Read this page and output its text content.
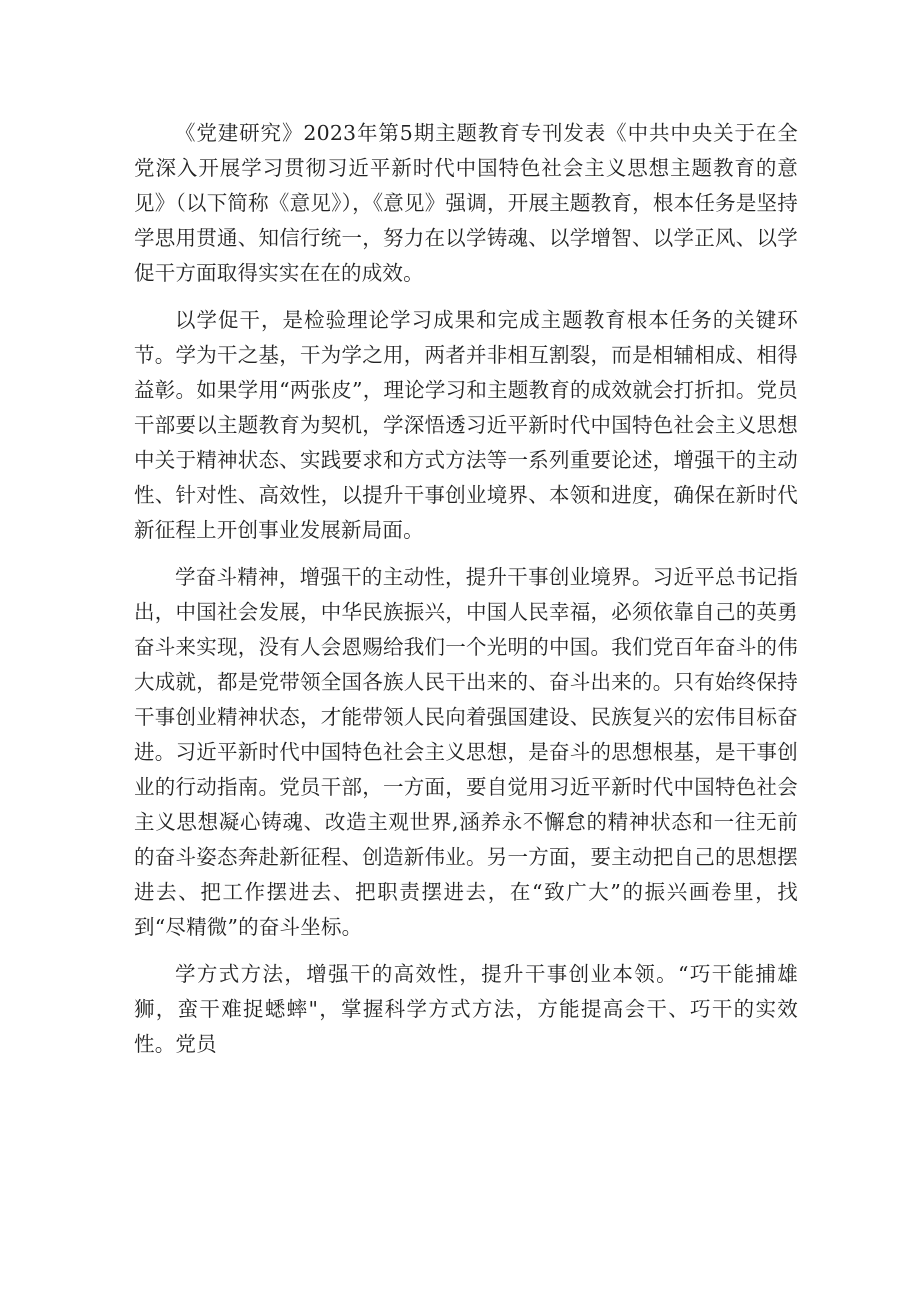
《党建研究》2023年第5期主题教育专刊发表《中共中央关于在全党深入开展学习贯彻习近平新时代中国特色社会主义思想主题教育的意见》（以下简称《意见》），《意见》强调，开展主题教育，根本任务是坚持学思用贯通、知信行统一，努力在以学铸魂、以学增智、以学正风、以学促干方面取得实实在在的成效。

以学促干，是检验理论学习成果和完成主题教育根本任务的关键环节。学为干之基，干为学之用，两者并非相互割裂，而是相辅相成、相得益彰。如果学用“两张皮”，理论学习和主题教育的成效就会打折扣。党员干部要以主题教育为契机，学深悟透习近平新时代中国特色社会主义思想中关于精神状态、实践要求和方式方法等一系列重要论述，增强干的主动性、针对性、高效性，以提升干事创业境界、本领和进度，确保在新时代新征程上开创事业发展新局面。

学奋斗精神，增强干的主动性，提升干事创业境界。习近平总书记指出，中国社会发展，中华民族振兴，中国人民幸福，必须依靠自己的英勇奋斗来实现，没有人会恩赐给我们一个光明的中国。我们党百年奋斗的伟大成就，都是党带领全国各族人民干出来的、奋斗出来的。只有始终保持干事创业精神状态，才能带领人民向着强国建设、民族复兴的宏伟目标奋进。习近平新时代中国特色社会主义思想，是奋斗的思想根基，是干事创业的行动指南。党员干部，一方面，要自觉用习近平新时代中国特色社会主义思想凝心铸魂、改造主观世界,涵养永不懈怠的精神状态和一往无前的奋斗姿态奔赴新征程、创造新伟业。另一方面，要主动把自己的思想摆进去、把工作摆进去、把职责摆进去，在“致广大”的振兴画卷里，找到“尽精微”的奋斗坐标。

学方式方法，增强干的高效性，提升干事创业本领。“巧干能捕雄狮，蛮干难捉蟋蟀"，掌握科学方式方法，方能提高会干、巧干的实效性。党员
